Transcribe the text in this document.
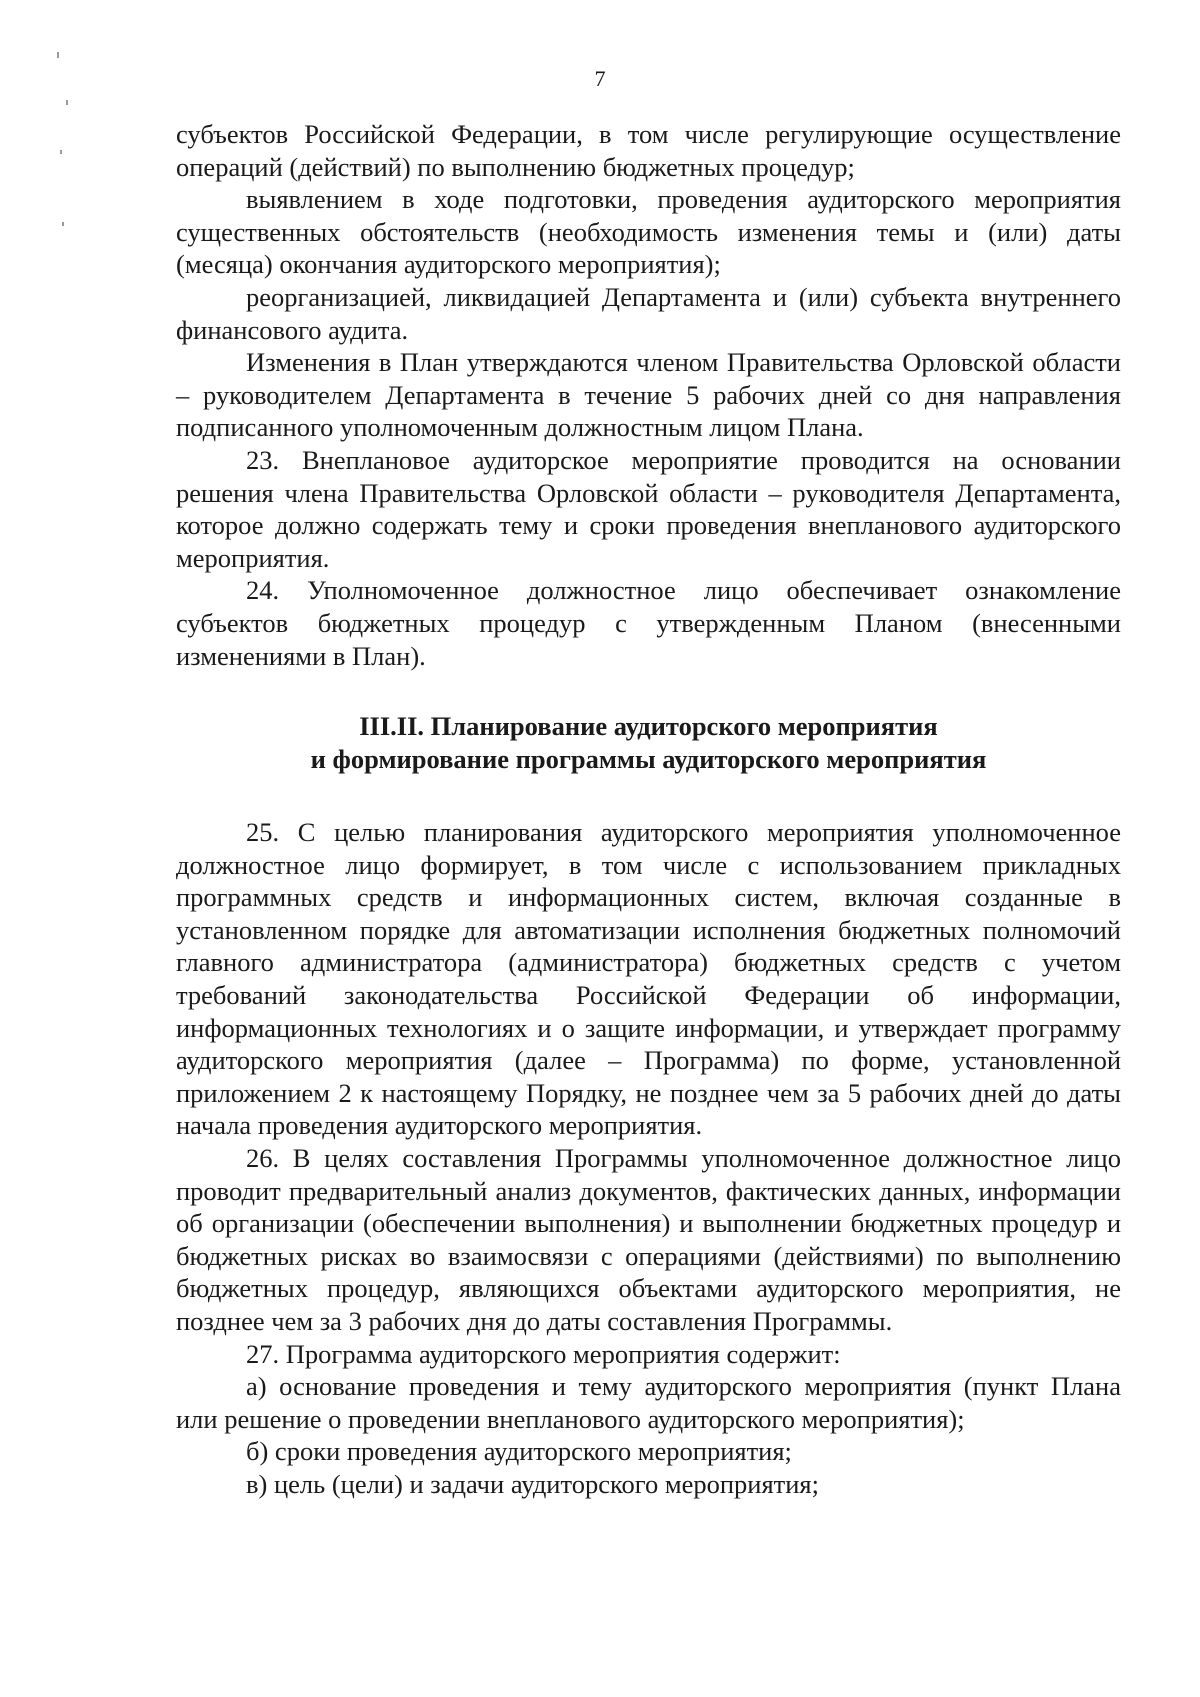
7

субъектов Российской Федерации, в том числе регулирующие осуществление операций (действий) по выполнению бюджетных процедур;

выявлением в ходе подготовки, проведения аудиторского мероприятия существенных обстоятельств (необходимость изменения темы и (или) даты (месяца) окончания аудиторского мероприятия);

реорганизацией, ликвидацией Департамента и (или) субъекта внутреннего финансового аудита.

Изменения в План утверждаются членом Правительства Орловской области – руководителем Департамента в течение 5 рабочих дней со дня направления подписанного уполномоченным должностным лицом Плана.

23. Внеплановое аудиторское мероприятие проводится на основании решения члена Правительства Орловской области – руководителя Департамента, которое должно содержать тему и сроки проведения внепланового аудиторского мероприятия.

24. Уполномоченное должностное лицо обеспечивает ознакомление субъектов бюджетных процедур с утвержденным Планом (внесенными изменениями в План).

III.II. Планирование аудиторского мероприятия
и формирование программы аудиторского мероприятия

25. С целью планирования аудиторского мероприятия уполномоченное должностное лицо формирует, в том числе с использованием прикладных программных средств и информационных систем, включая созданные в установленном порядке для автоматизации исполнения бюджетных полномочий главного администратора (администратора) бюджетных средств с учетом требований законодательства Российской Федерации об информации, информационных технологиях и о защите информации, и утверждает программу аудиторского мероприятия (далее – Программа) по форме, установленной приложением 2 к настоящему Порядку, не позднее чем за 5 рабочих дней до даты начала проведения аудиторского мероприятия.

26. В целях составления Программы уполномоченное должностное лицо проводит предварительный анализ документов, фактических данных, информации об организации (обеспечении выполнения) и выполнении бюджетных процедур и бюджетных рисках во взаимосвязи с операциями (действиями) по выполнению бюджетных процедур, являющихся объектами аудиторского мероприятия, не позднее чем за 3 рабочих дня до даты составления Программы.

27. Программа аудиторского мероприятия содержит:

а) основание проведения и тему аудиторского мероприятия (пункт Плана или решение о проведении внепланового аудиторского мероприятия);

б) сроки проведения аудиторского мероприятия;

в) цель (цели) и задачи аудиторского мероприятия;
